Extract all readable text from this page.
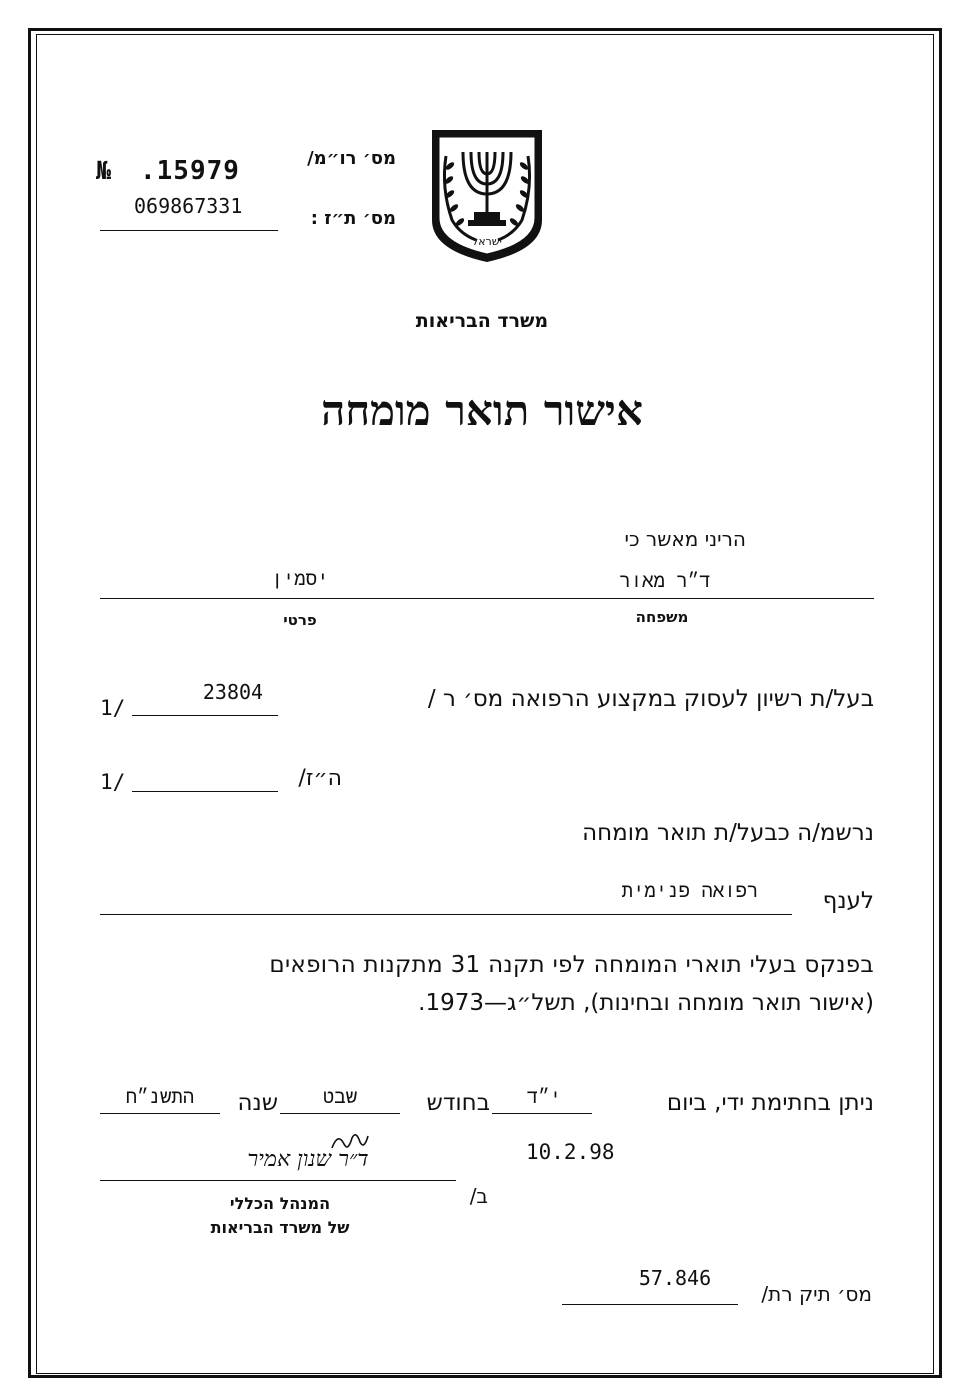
№ .15979
069867331
מס׳ רו״מ/
מס׳ ת״ז :
ישראל
משרד הבריאות
אישור תואר מומחה
הריני מאשר כי
ד״ר מאור
יסמין
משפחה
פרטי
בעל/ת רשיון לעסוק במקצוע הרפואה מס׳ ר /
23804
1/
ה״ז/
1/
נרשמ/ה כבעל/ת תואר מומחה
לענף
רפואה פנימית
בפנקס בעלי תוארי המומחה לפי תקנה 31 מתקנות הרופאים
(אישור תואר מומחה ובחינות), תשל״ג—1973.
ניתן בחתימת ידי, ביום
י״ד
בחודש
שבט
שנה
התשנ״ח
10.2.98
ד״ר שנון אמיר
ב/
המנהל הכללי
של משרד הבריאות
מס׳ תיק רת/
57.846
